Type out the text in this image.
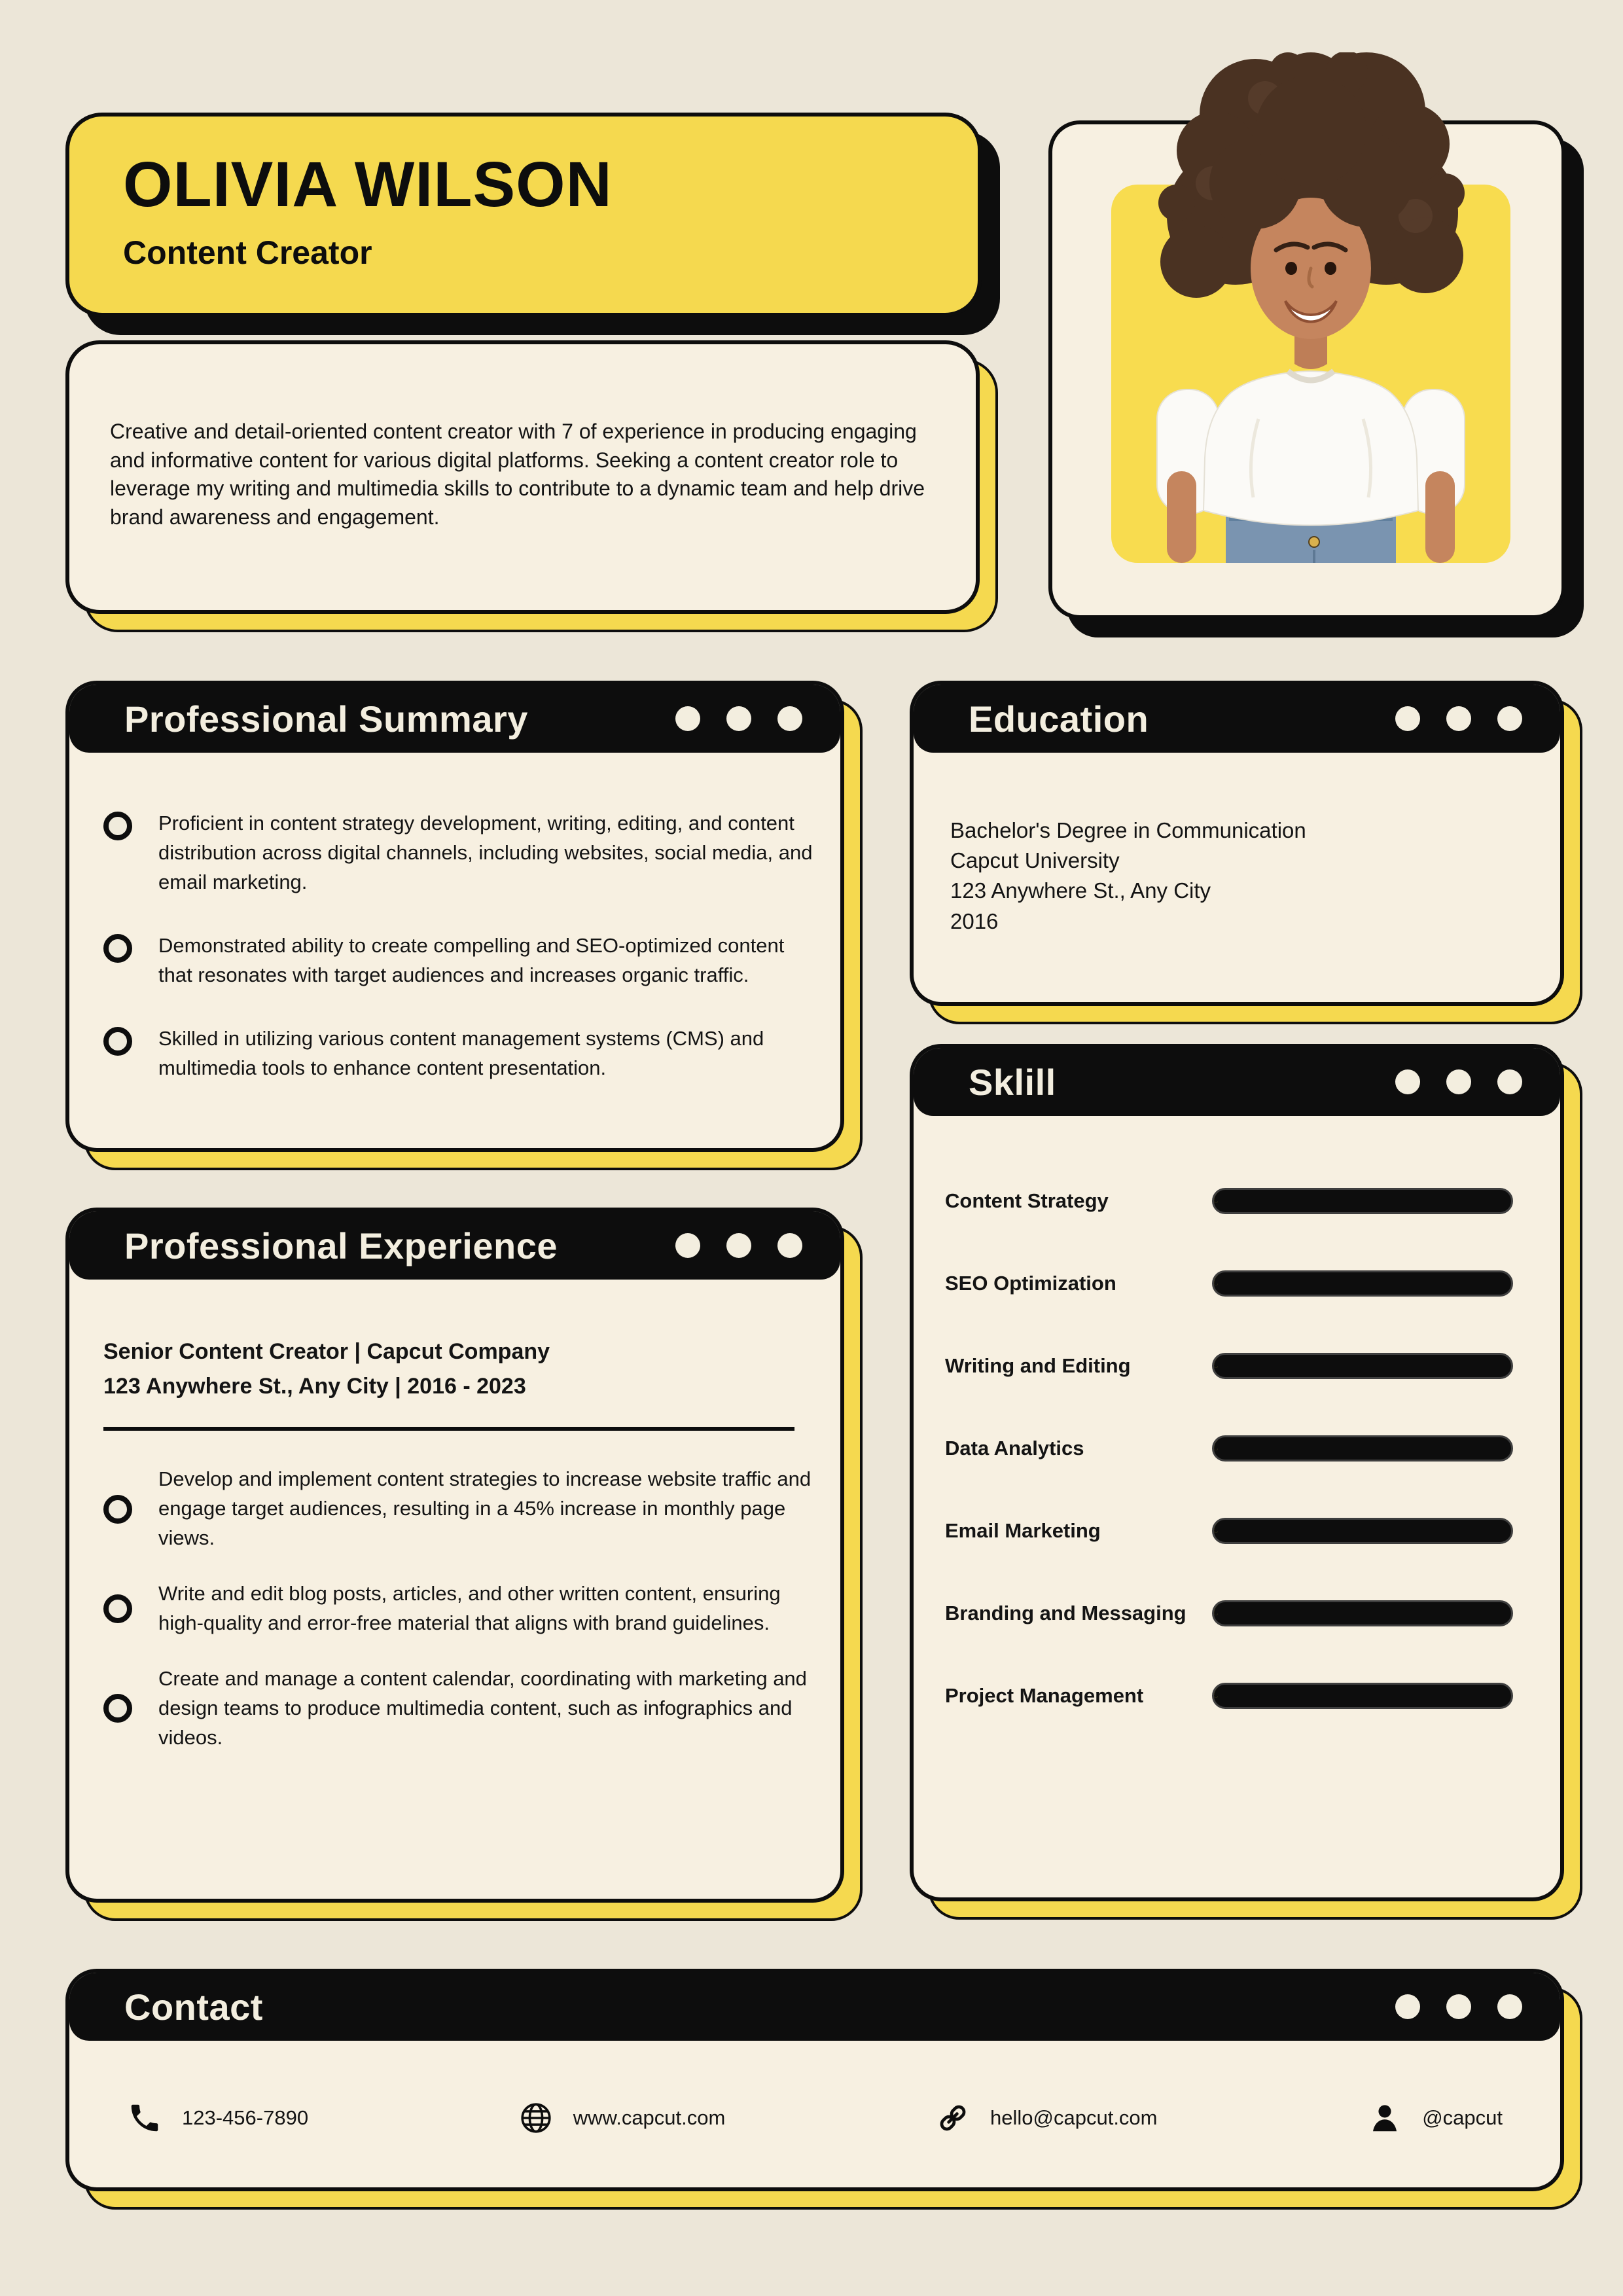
OLIVIA WILSON
Content Creator

Creative and detail-oriented content creator with 7 of experience in producing engaging and informative content for various digital platforms. Seeking a content creator role to leverage my writing and multimedia skills to contribute to a dynamic team and help drive brand awareness and engagement.

Professional Summary

Proficient in content strategy development, writing, editing, and content distribution across digital channels, including websites, social media, and email marketing.

Demonstrated ability to create compelling and SEO-optimized content that resonates with target audiences and increases organic traffic.

Skilled in utilizing various content management systems (CMS) and multimedia tools to enhance content presentation.

Education

Bachelor's Degree in Communication

Capcut University

123 Anywhere St., Any City

2016

Sklill
Content Strategy
SEO Optimization
Writing and Editing
Data Analytics
Email Marketing
Branding and Messaging
Project Management
Professional Experience
Senior Content Creator | Capcut Company
123 Anywhere St., Any City | 2016 - 2023

Develop and implement content strategies to increase website traffic and engage target audiences, resulting in a 45% increase in monthly page views.

Write and edit blog posts, articles, and other written content, ensuring high-quality and error-free material that aligns with brand guidelines.

Create and manage a content calendar, coordinating with marketing and design teams to produce multimedia content, such as infographics and videos.

Contact
123-456-7890	www.capcut.com	hello@capcut.com	@capcut
